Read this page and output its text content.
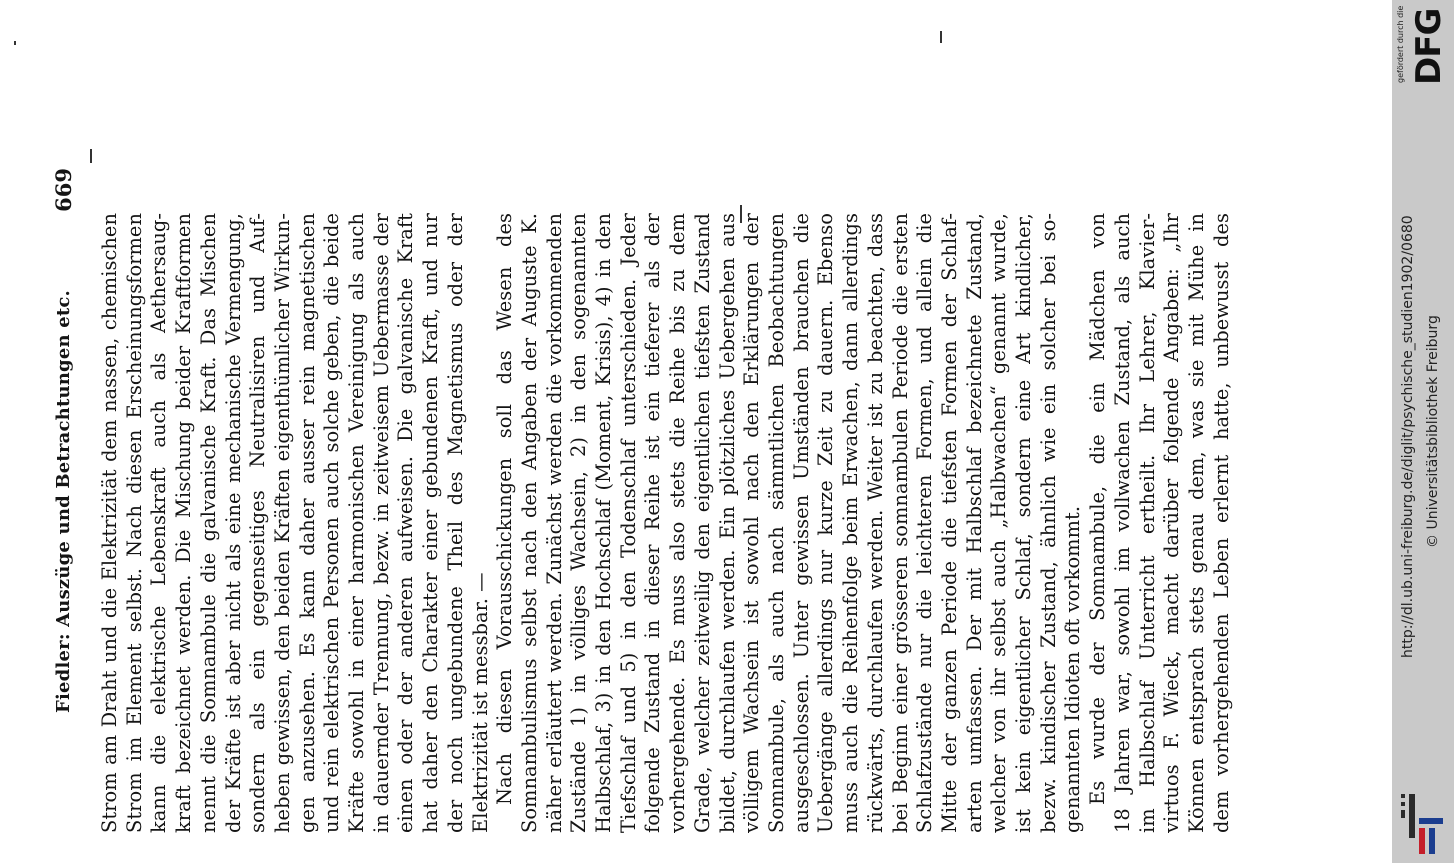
Fiedler: Auszüge und Betrachtungen etc.
669
Strom am Draht und die Elektrizität dem nassen, chemischen Strom im Element selbst. Nach diesen Erscheinungsformen kann die elektrische Lebenskraft auch als Aethersaug- kraft bezeichnet werden. Die Mischung beider Kraftformen nennt die Somnambule die galvanische Kraft. Das Mischen der Kräfte ist aber nicht als eine mechanische Vermengung, sondern als ein gegenseitiges Neutralisiren und Auf- heben gewissen, den beiden Kräften eigenthümlicher Wirkun- gen anzusehen. Es kann daher ausser rein magnetischen und rein elektrischen Personen auch solche geben, die beide Kräfte sowohl in einer harmonischen Vereinigung als auch in dauernder Trennung, bezw. in zeitweisem Uebermasse der einen oder der anderen aufweisen. Die galvanische Kraft hat daher den Charakter einer gebundenen Kraft, und nur der noch ungebundene Theil des Magnetismus oder der Elektrizität ist messbar. — Nach diesen Vorausschickungen soll das Wesen des Somnambulismus selbst nach den Angaben der Auguste K. näher erläutert werden. Zunächst werden die vorkommenden Zustände 1) in völliges Wachsein, 2) in den sogenannten Halbschlaf, 3) in den Hochschlaf (Moment, Krisis), 4) in den Tiefschlaf und 5) in den Todenschlaf unterschieden. Jeder folgende Zustand in dieser Reihe ist ein tieferer als der vorhergehende. Es muss also stets die Reihe bis zu dem Grade, welcher zeitweilig den eigentlichen tiefsten Zustand bildet, durchlaufen werden. Ein plötzliches Uebergehen aus völligem Wachsein ist sowohl nach den Erklärungen der Somnambule, als auch nach sämmtlichen Beobachtungen ausgeschlossen. Unter gewissen Umständen brauchen die Uebergänge allerdings nur kurze Zeit zu dauern. Ebenso muss auch die Reihenfolge beim Erwachen, dann allerdings rückwärts, durchlaufen werden. Weiter ist zu beachten, dass bei Beginn einer grösseren somnambulen Periode die ersten Schlafzustände nur die leichteren Formen, und allein die Mitte der ganzen Periode die tiefsten Formen der Schlaf- arten umfassen. Der mit Halbschlaf bezeichnete Zustand, welcher von ihr selbst auch „Halbwachen“ genannt wurde, ist kein eigentlicher Schlaf, sondern eine Art kindlicher, bezw. kindischer Zustand, ähnlich wie ein solcher bei so- genannten Idioten oft vorkommt. Es wurde der Somnambule, die ein Mädchen von 18 Jahren war, sowohl im vollwachen Zustand, als auch im Halbschlaf Unterricht ertheilt. Ihr Lehrer, Klavier- virtuos F. Wieck, macht darüber folgende Angaben: „Ihr Können entsprach stets genau dem, was sie mit Mühe in dem vorhergehenden Leben erlernt hatte, unbewusst des	http://dl.ub.uni-freiburg.de/diglit/psychische_studien1902/0680 © Universitätsbibliothek Freiburg
gefördert durch die DFG
